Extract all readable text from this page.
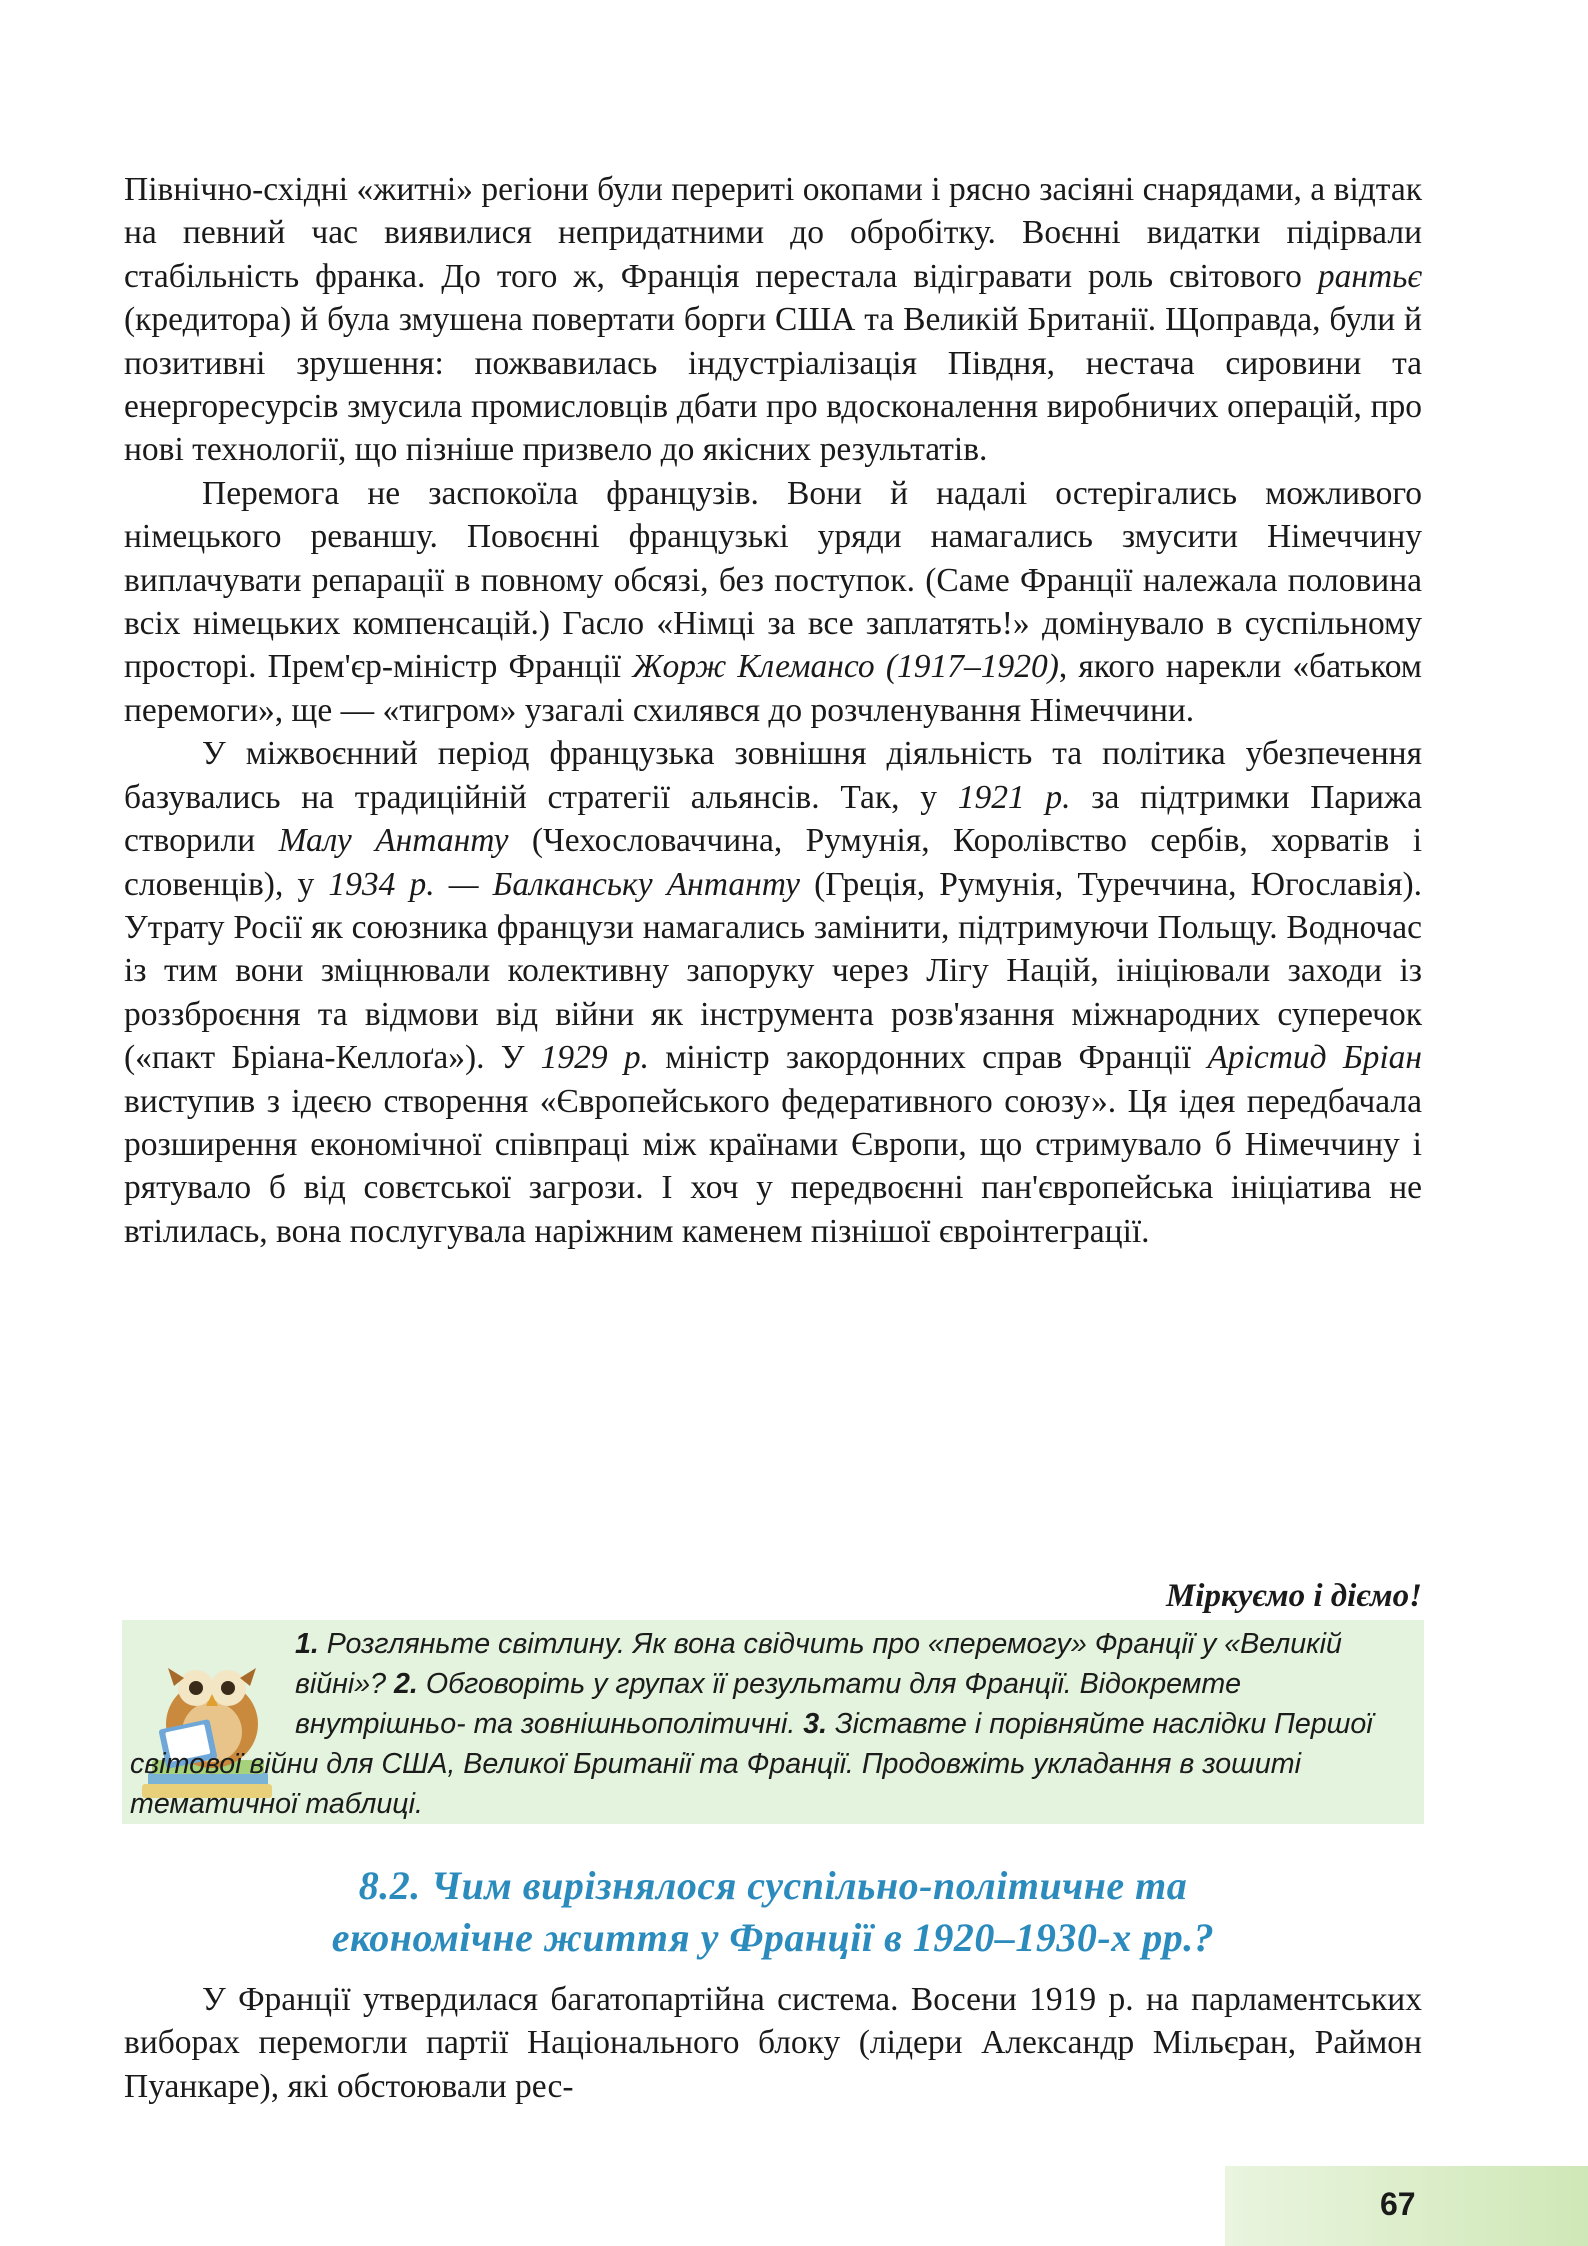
Північно-східні «житні» регіони були перериті окопами і рясно засіяні снарядами, а відтак на певний час виявилися непридатними до обробітку. Воєнні видатки підірвали стабільність франка. До того ж, Франція перестала відігравати роль світового рантьє (кредитора) й була змушена повертати борги США та Великій Британії. Щоправда, були й позитивні зрушення: пожвавилась індустріалізація Півдня, нестача сировини та енергоресурсів змусила промисловців дбати про вдосконалення виробничих операцій, про нові технології, що пізніше призвело до якісних результатів.

Перемога не заспокоїла французів. Вони й надалі остерігались можливого німецького реваншу. Повоєнні французькі уряди намагались змусити Німеччину виплачувати репарації в повному обсязі, без поступок. (Саме Франції належала половина всіх німецьких компенсацій.) Гасло «Німці за все заплатять!» домінувало в суспільному просторі. Прем'єр-міністр Франції Жорж Клемансо (1917–1920), якого нарекли «батьком перемоги», ще — «тигром» узагалі схилявся до розчленування Німеччини.

У міжвоєнний період французька зовнішня діяльність та політика убезпечення базувались на традиційній стратегії альянсів. Так, у 1921 р. за підтримки Парижа створили Малу Антанту (Чехословаччина, Румунія, Королівство сербів, хорватів і словенців), у 1934 р. — Балканську Антанту (Греція, Румунія, Туреччина, Югославія). Утрату Росії як союзника французи намагались замінити, підтримуючи Польщу. Водночас із тим вони зміцнювали колективну запоруку через Лігу Націй, ініціювали заходи із роззброєння та відмови від війни як інструмента розв'язання міжнародних суперечок («пакт Бріана-Келлоґа»). У 1929 р. міністр закордонних справ Франції Арістид Бріан виступив з ідеєю створення «Європейського федеративного союзу». Ця ідея передбачала розширення економічної співпраці між країнами Європи, що стримувало б Німеччину і рятувало б від совєтської загрози. І хоч у передвоєнні пан'європейська ініціатива не втілилась, вона послугувала наріжним каменем пізнішої євроінтеграції.

Міркуємо і діємо!
1. Розгляньте світлину. Як вона свідчить про «перемогу» Франції у «Великій війні»? 2. Обговоріть у групах її результати для Франції. Відокремте внутрішньо- та зовнішньополітичні. 3. Зіставте і порівняйте наслідки Першої світової війни для США, Великої Британії та Франції. Продовжіть укладання в зошиті тематичної таблиці.
8.2. Чим вирізнялося суспільно-політичне та
економічне життя у Франції в 1920–1930-х рр.?

У Франції утвердилася багатопартійна система. Восени 1919 р. на парламентських виборах перемогли партії Національного блоку (лідери Александр Мільєран, Раймон Пуанкаре), які обстоювали рес-

67
